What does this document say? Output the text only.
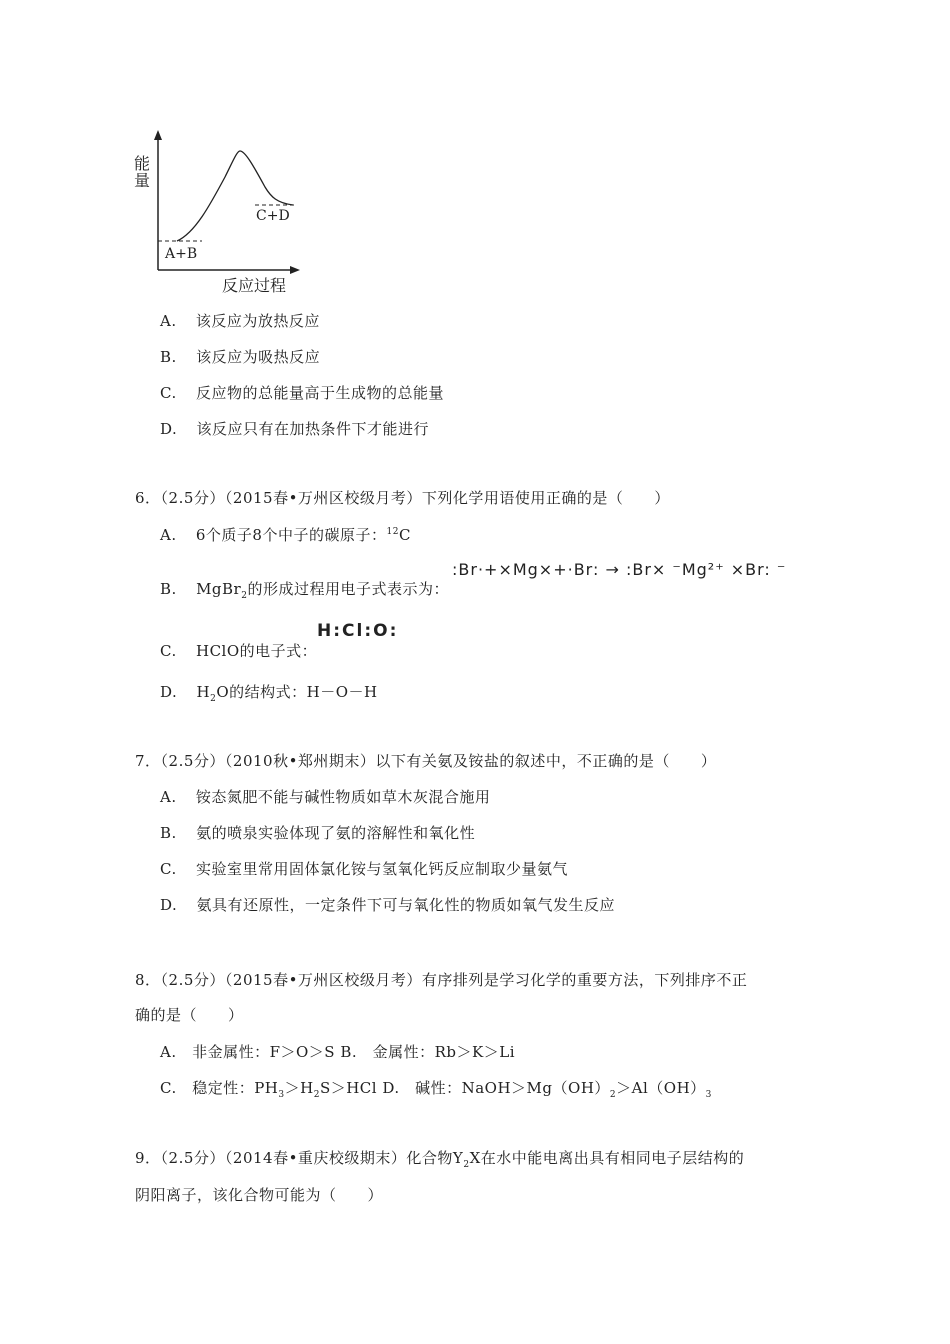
能量
反应过程
A+B
C+D
A. 该反应为放热反应
B. 该反应为吸热反应
C. 反应物的总能量高于生成物的总能量
D. 该反应只有在加热条件下才能进行
6．（2.5分）（2015春•万州区校级月考）下列化学用语使用正确的是（　　）
A. 6个质子8个中子的碳原子：$^{12}$C
B. MgBr$_2$的形成过程用电子式表示为：
:Br·+×Mg×+·Br: → :Br× ⁻Mg²⁺ ×Br: ⁻
C. HClO的电子式：
H:Cl:O:
D. $H_2O$的结构式：H－O－H
7．（2.5分）（2010秋•郑州期末）以下有关氨及铵盐的叙述中，不正确的是（　　）
A. 铵态氮肥不能与碱性物质如草木灰混合施用
B. 氨的喷泉实验体现了氨的溶解性和氧化性
C. 实验室里常用固体氯化铵与氢氧化钙反应制取少量氨气
D. 氨具有还原性，一定条件下可与氧化性的物质如氧气发生反应
8．（2.5分）（2015春•万州区校级月考）有序排列是学习化学的重要方法，下列排序不正
确的是（　　）
A.　非金属性：F＞O＞S B.　金属性：Rb＞K＞Li
C.　稳定性：$PH_3>H_2S>HCl$ D.　碱性：$NaOH>Mg(OH)_2>Al(OH)_3$
9．（2.5分）（2014春•重庆校级期末）化合物$Y_2X$在水中能电离出具有相同电子层结构的
阴阳离子，该化合物可能为（　　）
